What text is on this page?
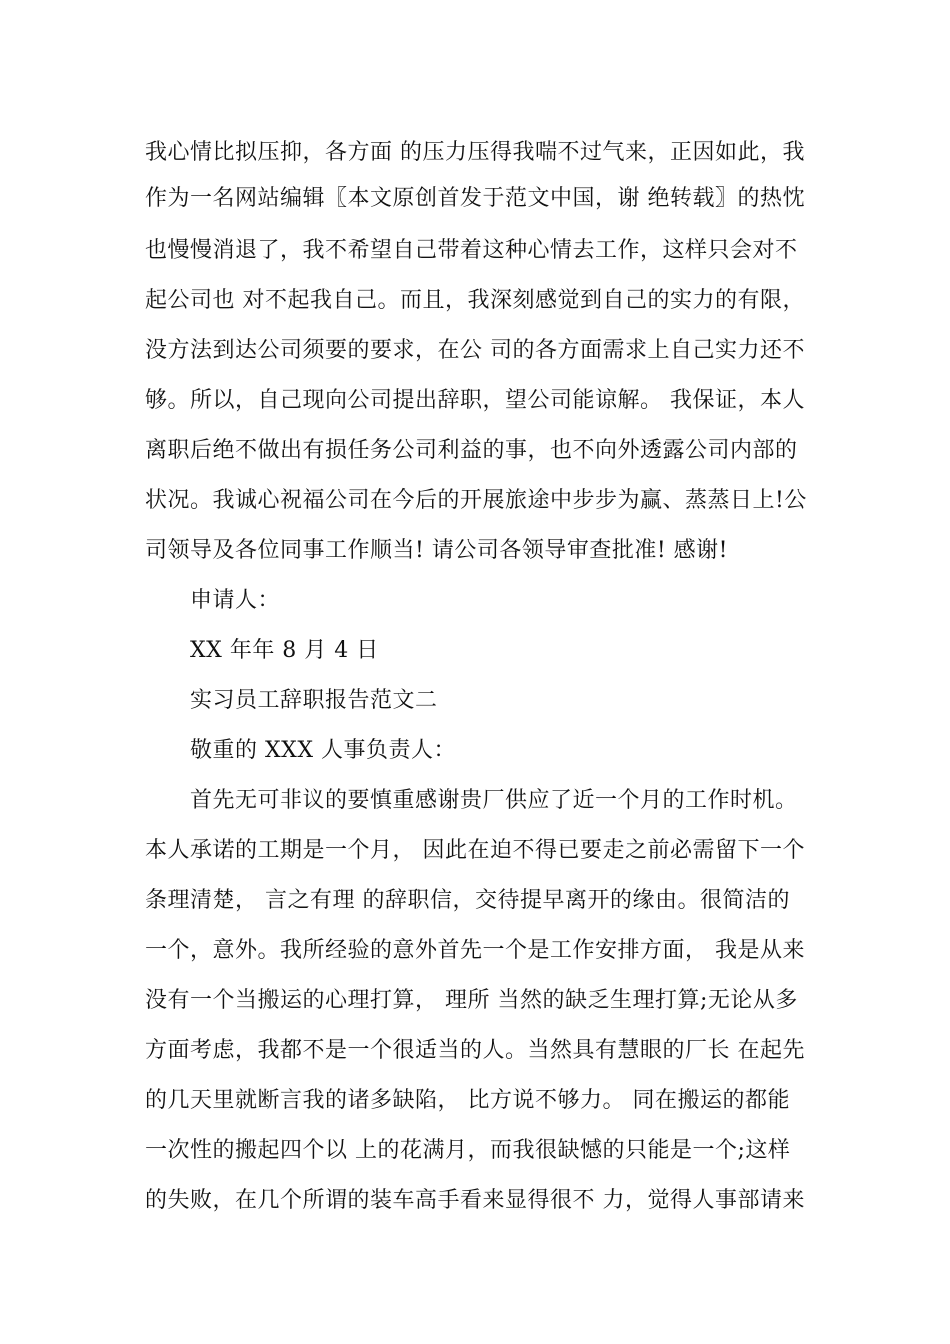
我心情比拟压抑，各方面 的压力压得我喘不过气来，正因如此，我
作为一名网站编辑〖本文原创首发于范文中国，谢 绝转载〗的热忱
也慢慢消退了，我不希望自己带着这种心情去工作，这样只会对不
起公司也 对不起我自己。而且，我深刻感觉到自己的实力的有限，
没方法到达公司须要的要求，在公 司的各方面需求上自己实力还不
够。所以，自己现向公司提出辞职，望公司能谅解。 我保证，本人
离职后绝不做出有损任务公司利益的事，也不向外透露公司内部的
状况。我诚心祝福公司在今后的开展旅途中步步为赢、蒸蒸日上!公
司领导及各位同事工作顺当! 请公司各领导审查批准! 感谢!
申请人：
XX 年年 8 月 4 日
实习员工辞职报告范文二
敬重的 XXX 人事负责人：
首先无可非议的要慎重感谢贵厂供应了近一个月的工作时机。
本人承诺的工期是一个月， 因此在迫不得已要走之前必需留下一个
条理清楚， 言之有理 的辞职信，交待提早离开的缘由。很简洁的
一个，意外。我所经验的意外首先一个是工作安排方面， 我是从来
没有一个当搬运的心理打算， 理所 当然的缺乏生理打算;无论从多
方面考虑，我都不是一个很适当的人。当然具有慧眼的厂长 在起先
的几天里就断言我的诸多缺陷， 比方说不够力。 同在搬运的都能
一次性的搬起四个以 上的花满月，而我很缺憾的只能是一个;这样
的失败，在几个所谓的装车高手看来显得很不 力，觉得人事部请来
